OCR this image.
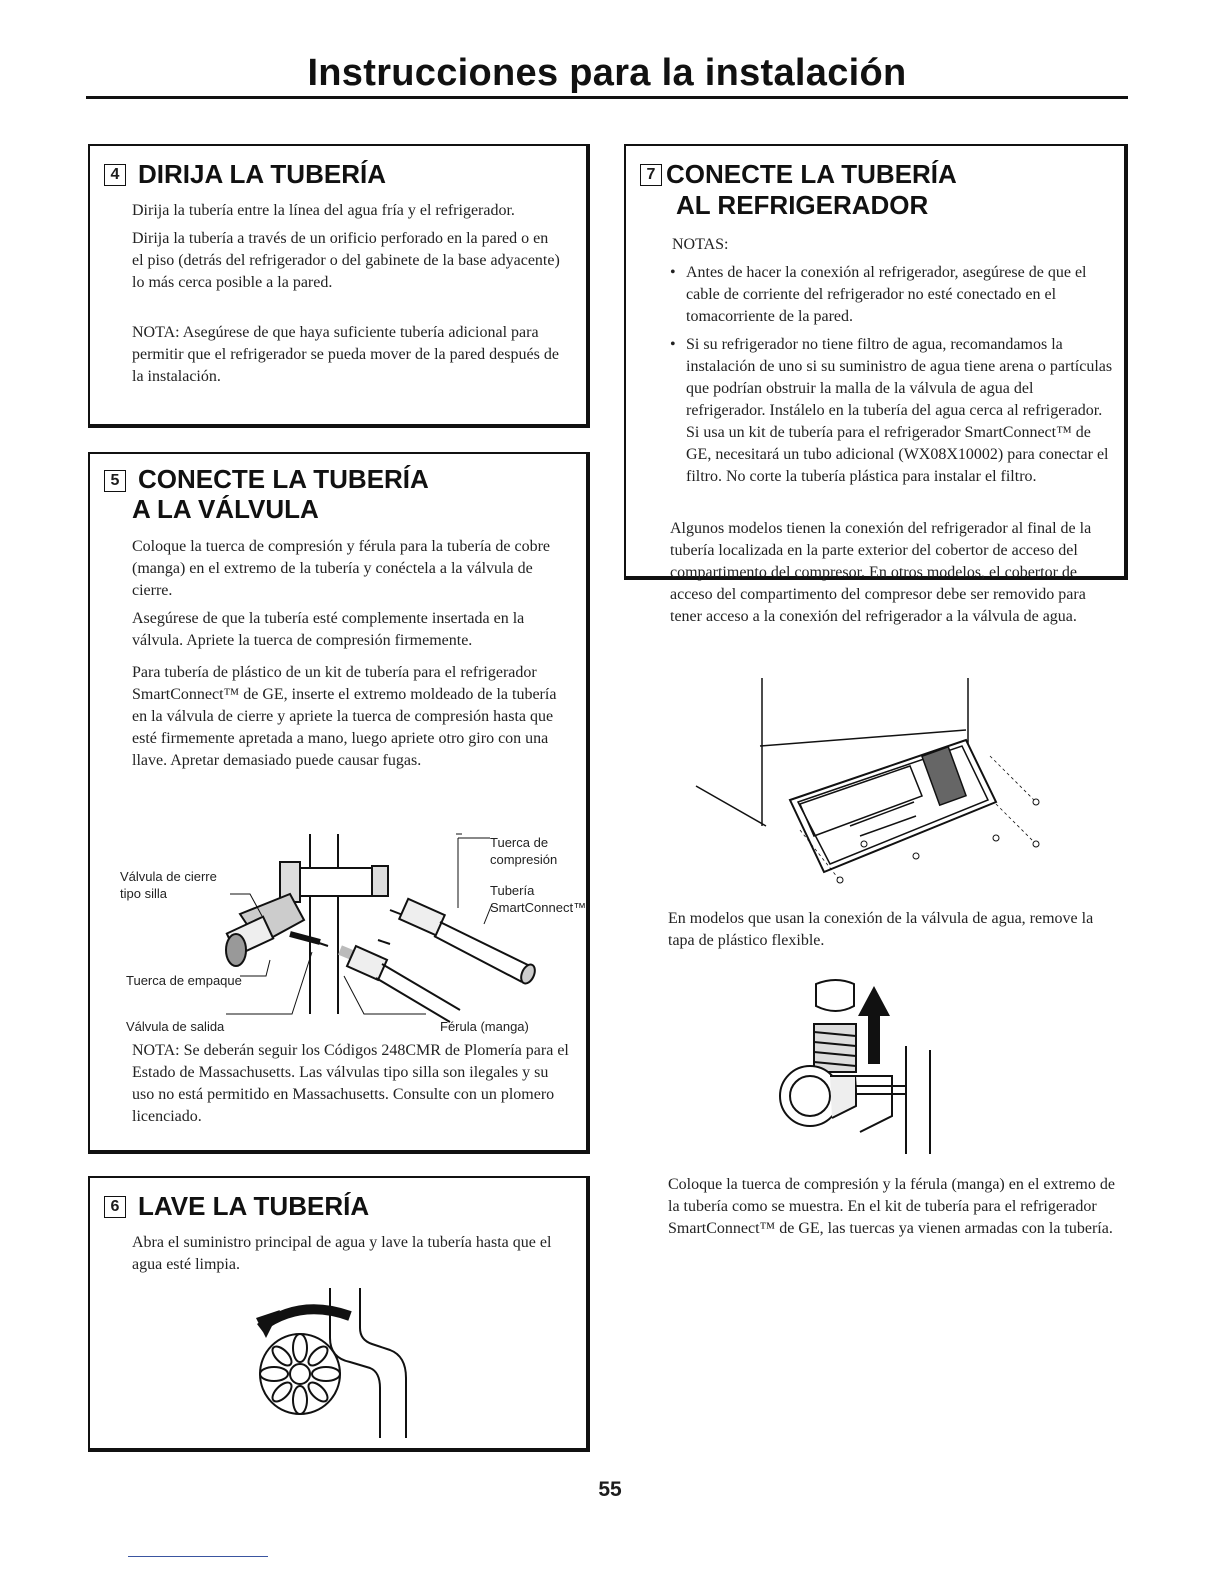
Instrucciones para la instalación
4 DIRIJA LA TUBERÍA
Dirija la tubería entre la línea del agua fría y el refrigerador.
Dirija la tubería a través de un orificio perforado en la pared o en el piso (detrás del refrigerador o del gabinete de la base adyacente) lo más cerca posible a la pared.
NOTA: Asegúrese de que haya suficiente tubería adicional para permitir que el refrigerador se pueda mover de la pared después de la instalación.
5 CONECTE LA TUBERÍA
A LA VÁLVULA
Coloque la tuerca de compresión y férula para la tubería de cobre (manga) en el extremo de la tubería y conéctela a la válvula de cierre.
Asegúrese de que la tubería esté complemente insertada en la válvula. Apriete la tuerca de compresión firmemente.
Para tubería de plástico de un kit de tubería para el refrigerador SmartConnect™ de GE, inserte el extremo moldeado de la tubería en la válvula de cierre y apriete la tuerca de compresión hasta que esté firmemente apretada a mano, luego apriete otro giro con una llave. Apretar demasiado puede causar fugas.
Válvula de cierre
tipo silla
Tuerca de empaque
Válvula de salida
Tuerca de
compresión
Tubería
SmartConnect™
Férula (manga)
NOTA: Se deberán seguir los Códigos 248CMR de Plomería para el Estado de Massachusetts. Las válvulas tipo silla son ilegales y su uso no está permitido en Massachusetts. Consulte con un plomero licenciado.
6 LAVE LA TUBERÍA
Abra el suministro principal de agua y lave la tubería hasta que el agua esté limpia.
7 CONECTE LA TUBERÍA
AL REFRIGERADOR
NOTAS:
• Antes de hacer la conexión al refrigerador, asegúrese de que el cable de corriente del refrigerador no esté conectado en el tomacorriente de la pared.
• Si su refrigerador no tiene filtro de agua, recomandamos la instalación de uno si su suministro de agua tiene arena o partículas que podrían obstruir la malla de la válvula de agua del refrigerador. Instálelo en la tubería del agua cerca al refrigerador. Si usa un kit de tubería para el refrigerador SmartConnect™ de GE, necesitará un tubo adicional (WX08X10002) para conectar el filtro. No corte la tubería plástica para instalar el filtro.
Algunos modelos tienen la conexión del refrigerador al final de la tubería localizada en la parte exterior del cobertor de acceso del compartimento del compresor. En otros modelos, el cobertor de acceso del compartimento del compresor debe ser removido para tener acceso a la conexión del refrigerador a la válvula de agua.
En modelos que usan la conexión de la válvula de agua, remove la tapa de plástico flexible.
Coloque la tuerca de compresión y la férula (manga) en el extremo de la tubería como se muestra. En el kit de tubería para el refrigerador SmartConnect™ de GE, las tuercas ya vienen armadas con la tubería.
55
